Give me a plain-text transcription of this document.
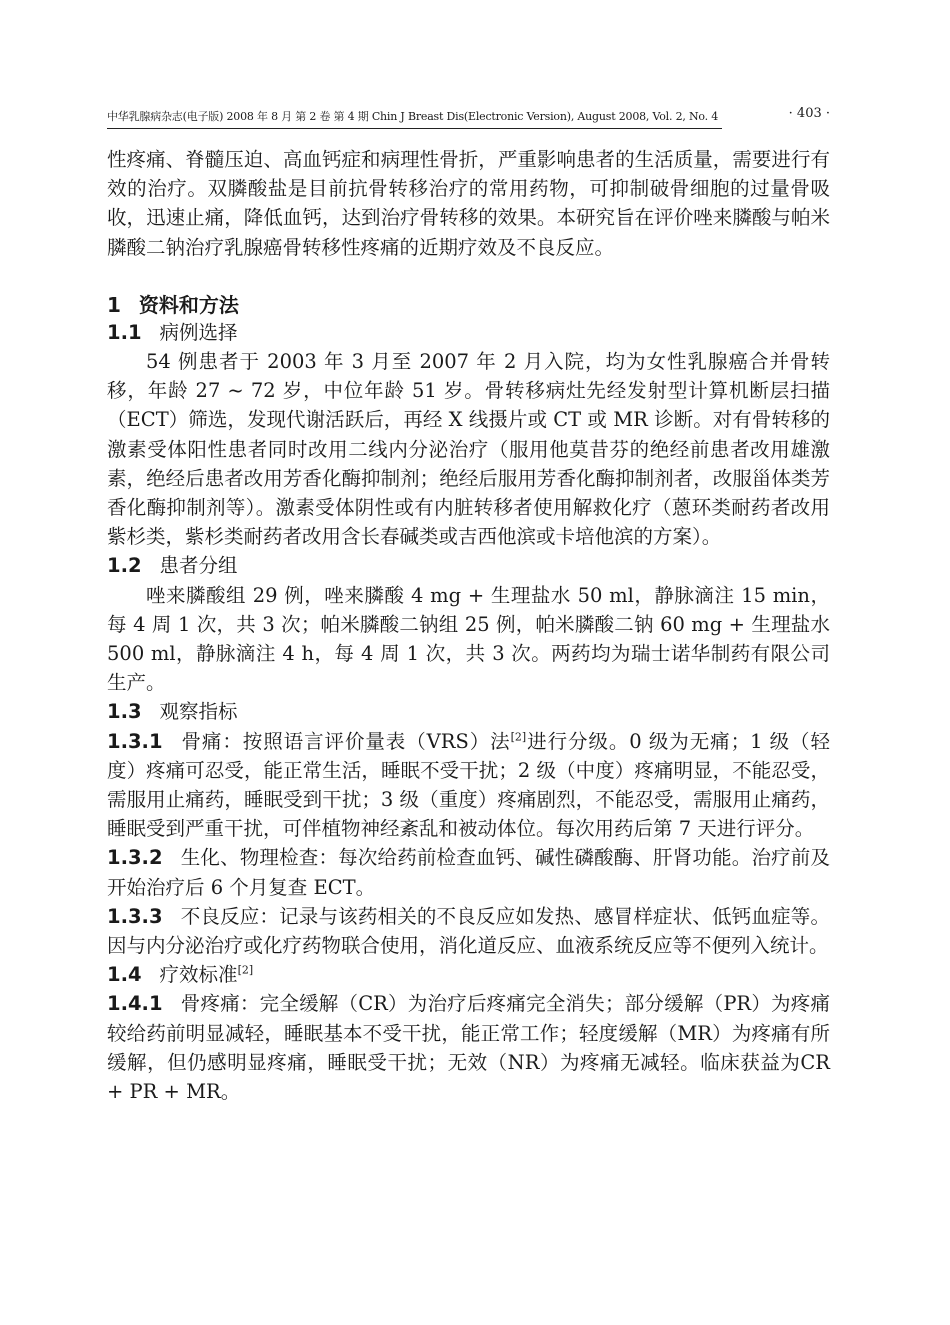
中华乳腺病杂志(电子版) 2008 年 8 月 第 2 卷 第 4 期 Chin J Breast Dis(Electronic Version), August 2008, Vol. 2, No. 4	· 403 ·

性疼痛、脊髓压迫、高血钙症和病理性骨折，严重影响患者的生活质量，需要进行有效的治疗。双膦酸盐是目前抗骨转移治疗的常用药物，可抑制破骨细胞的过量骨吸收，迅速止痛，降低血钙，达到治疗骨转移的效果。本研究旨在评价唑来膦酸与帕米膦酸二钠治疗乳腺癌骨转移性疼痛的近期疗效及不良反应。

1 资料和方法
1.1 病例选择

54 例患者于 2003 年 3 月至 2007 年 2 月入院，均为女性乳腺癌合并骨转移，年龄 27 ~ 72 岁，中位年龄 51 岁。骨转移病灶先经发射型计算机断层扫描（ECT）筛选，发现代谢活跃后，再经 X 线摄片或 CT 或 MR 诊断。对有骨转移的激素受体阳性患者同时改用二线内分泌治疗（服用他莫昔芬的绝经前患者改用雄激素，绝经后患者改用芳香化酶抑制剂；绝经后服用芳香化酶抑制剂者，改服甾体类芳香化酶抑制剂等）。激素受体阴性或有内脏转移者使用解救化疗（蒽环类耐药者改用紫杉类，紫杉类耐药者改用含长春碱类或吉西他滨或卡培他滨的方案）。

1.2 患者分组

唑来膦酸组 29 例，唑来膦酸 4 mg + 生理盐水 50 ml，静脉滴注 15 min，每 4 周 1 次，共 3 次；帕米膦酸二钠组 25 例，帕米膦酸二钠 60 mg + 生理盐水 500 ml，静脉滴注 4 h，每 4 周 1 次，共 3 次。两药均为瑞士诺华制药有限公司生产。

1.3 观察指标

1.3.1 骨痛：按照语言评价量表（VRS）法[2]进行分级。0 级为无痛；1 级（轻度）疼痛可忍受，能正常生活，睡眠不受干扰；2 级（中度）疼痛明显，不能忍受，需服用止痛药，睡眠受到干扰；3 级（重度）疼痛剧烈，不能忍受，需服用止痛药，睡眠受到严重干扰，可伴植物神经紊乱和被动体位。每次用药后第 7 天进行评分。

1.3.2 生化、物理检查：每次给药前检查血钙、碱性磷酸酶、肝肾功能。治疗前及开始治疗后 6 个月复查 ECT。

1.3.3 不良反应：记录与该药相关的不良反应如发热、感冒样症状、低钙血症等。因与内分泌治疗或化疗药物联合使用，消化道反应、血液系统反应等不便列入统计。

1.4 疗效标准[2]

1.4.1 骨疼痛：完全缓解（CR）为治疗后疼痛完全消失；部分缓解（PR）为疼痛较给药前明显减轻，睡眠基本不受干扰，能正常工作；轻度缓解（MR）为疼痛有所缓解，但仍感明显疼痛，睡眠受干扰；无效（NR）为疼痛无减轻。临床获益为CR + PR + MR。
